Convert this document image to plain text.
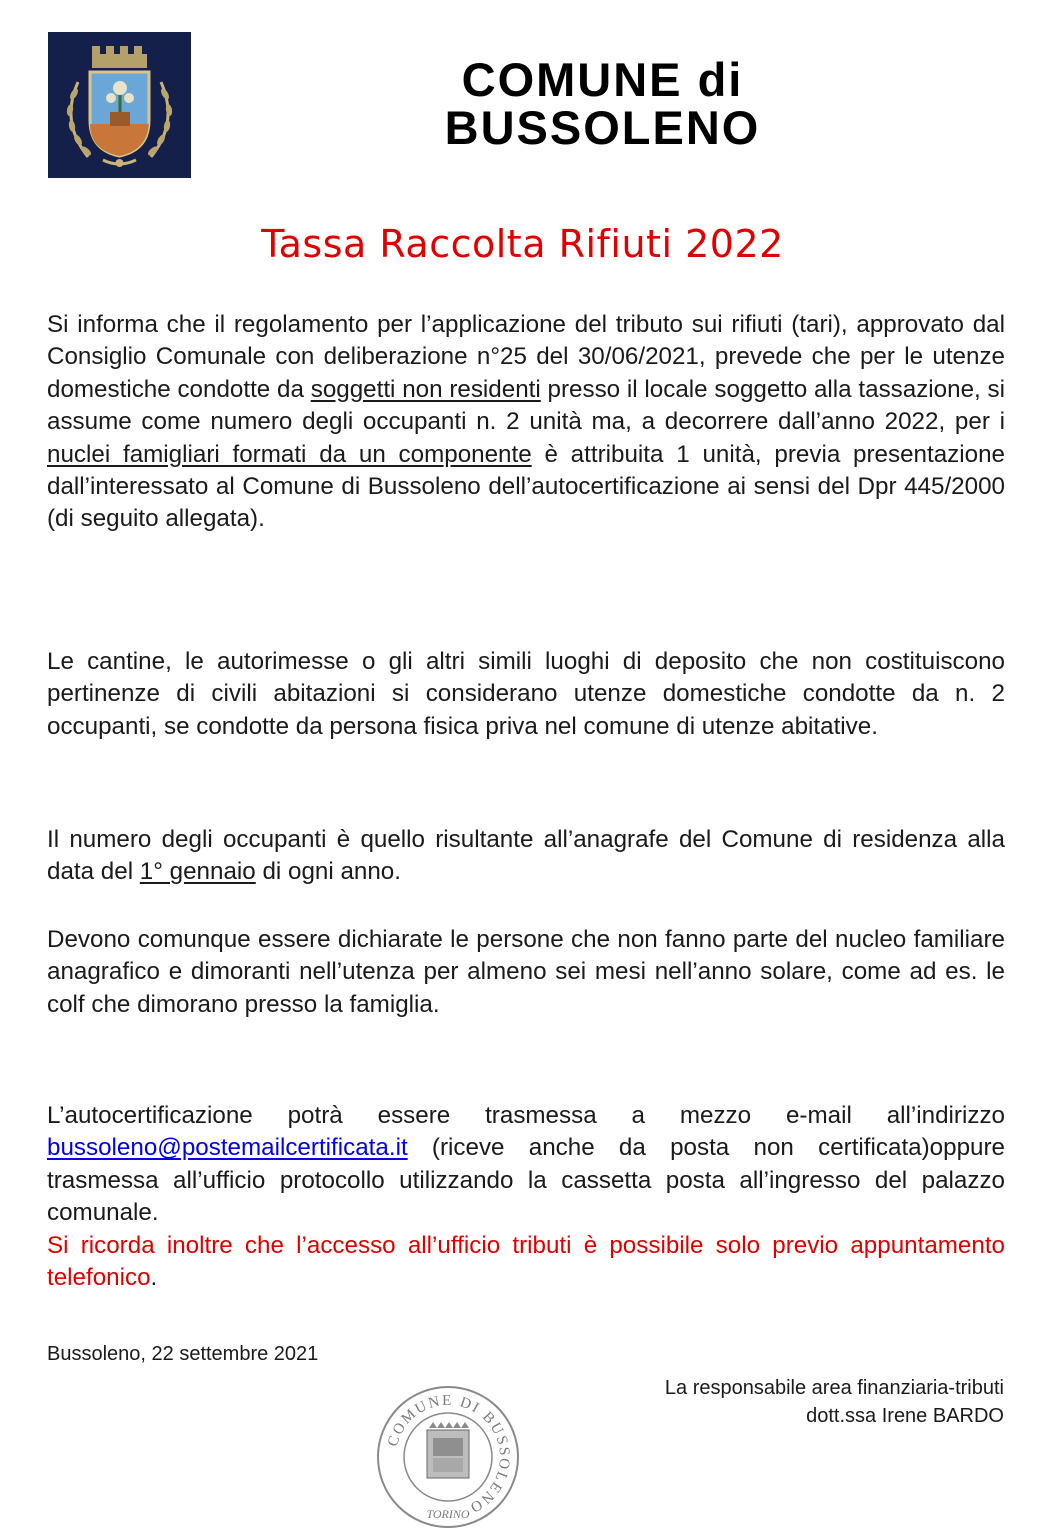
COMUNE di
BUSSOLENO
Tassa Raccolta Rifiuti 2022

Si informa che il regolamento per l’applicazione del tributo sui rifiuti (tari), approvato dal Consiglio Comunale con deliberazione n°25 del 30/06/2021, prevede che per le utenze domestiche condotte da soggetti non residenti presso il locale soggetto alla tassazione, si assume come numero degli occupanti n. 2 unità ma, a decorrere dall’anno 2022, per i nuclei famigliari formati da un componente è attribuita 1 unità, previa presentazione dall’interessato al Comune di Bussoleno dell’autocertificazione ai sensi del Dpr 445/2000 (di seguito allegata).

Le cantine, le autorimesse o gli altri simili luoghi di deposito che non costituiscono pertinenze di civili abitazioni si considerano utenze domestiche condotte da n. 2 occupanti, se condotte da persona fisica priva nel comune di utenze abitative.

Il numero degli occupanti è quello risultante all’anagrafe del Comune di residenza alla data del 1° gennaio di ogni anno.

Devono comunque essere dichiarate le persone che non fanno parte del nucleo familiare anagrafico e dimoranti nell’utenza per almeno sei mesi nell’anno solare, come ad es. le colf che dimorano presso la famiglia.

L’autocertificazione potrà essere trasmessa a mezzo e-mail all’indirizzo bussoleno@postemailcertificata.it (riceve anche da posta non certificata)oppure trasmessa all’ufficio protocollo utilizzando la cassetta posta all’ingresso del palazzo comunale.
Si ricorda inoltre che l’accesso all’ufficio tributi è possibile solo previo appuntamento telefonico.

Bussoleno, 22 settembre 2021
La responsabile area finanziaria-tributi
dott.ssa Irene BARDO
COMUNE DI BUSSOLENO
TORINO
